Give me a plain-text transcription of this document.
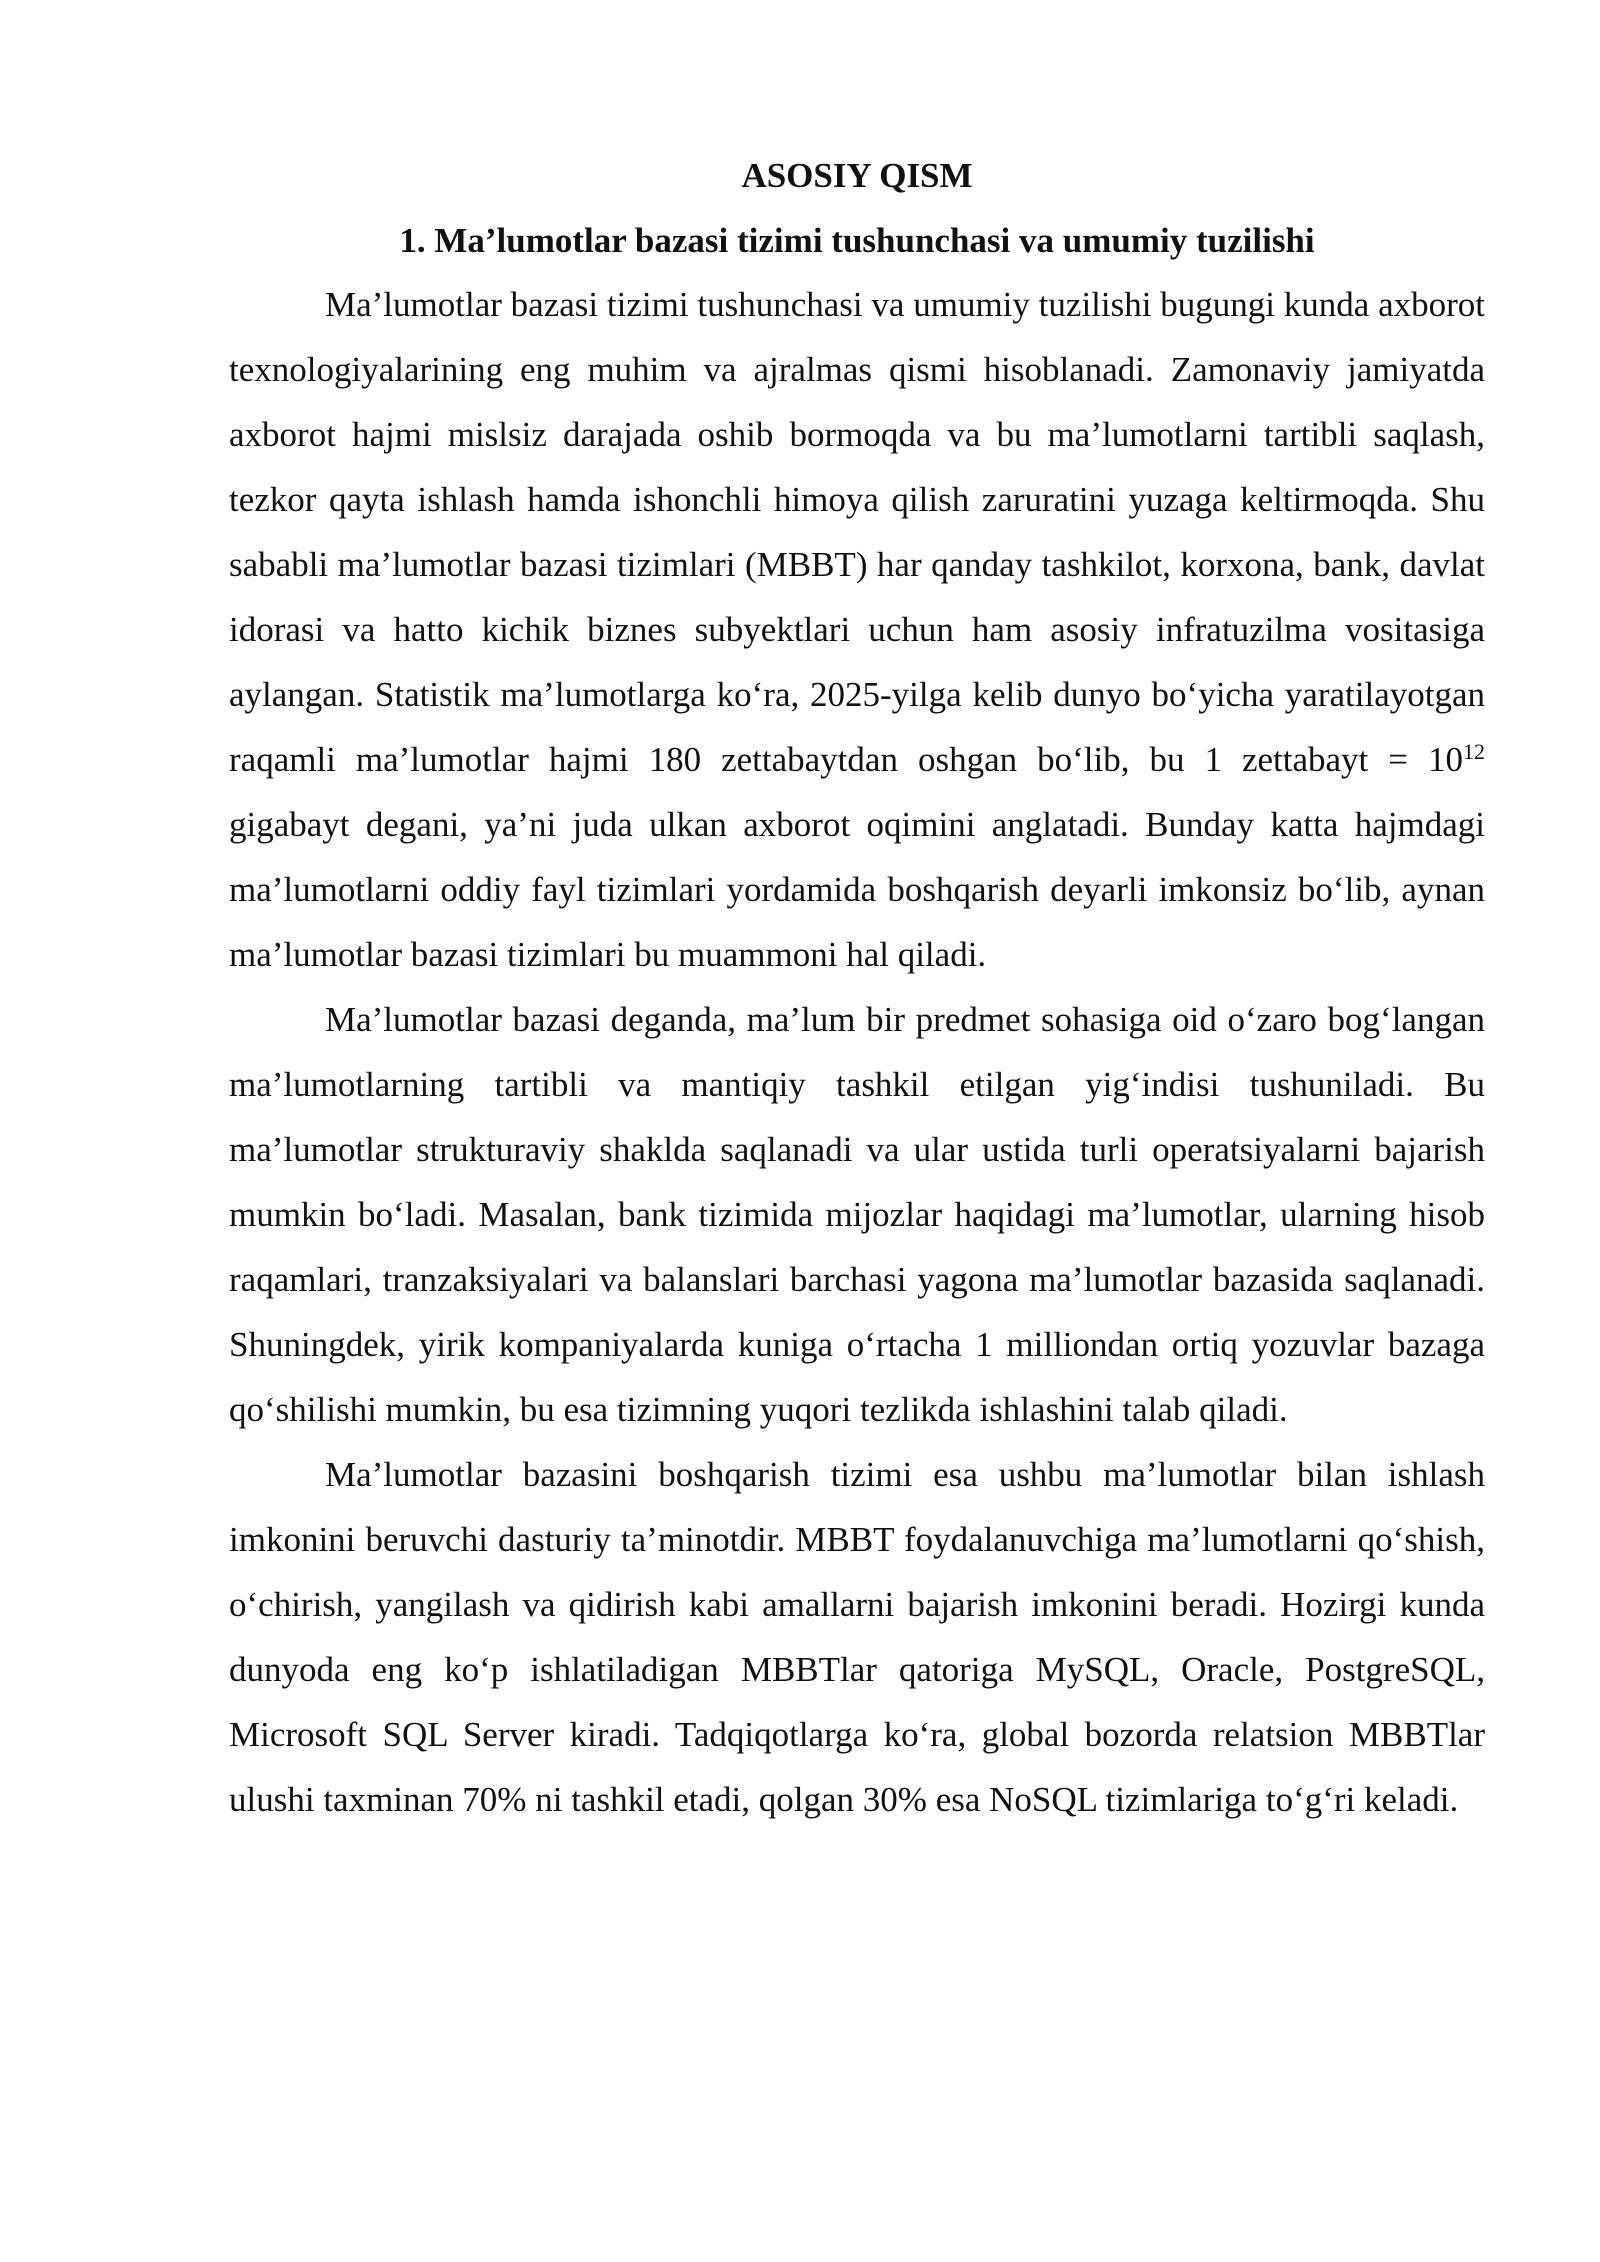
ASOSIY QISM
1. Ma’lumotlar bazasi tizimi tushunchasi va umumiy tuzilishi

Ma’lumotlar bazasi tizimi tushunchasi va umumiy tuzilishi bugungi kunda axborot texnologiyalarining eng muhim va ajralmas qismi hisoblanadi. Zamonaviy jamiyatda axborot hajmi mislsiz darajada oshib bormoqda va bu ma’lumotlarni tartibli saqlash, tezkor qayta ishlash hamda ishonchli himoya qilish zaruratini yuzaga keltirmoqda. Shu sababli ma’lumotlar bazasi tizimlari (MBBT) har qanday tashkilot, korxona, bank, davlat idorasi va hatto kichik biznes subyektlari uchun ham asosiy infratuzilma vositasiga aylangan. Statistik ma’lumotlarga ko‘ra, 2025-yilga kelib dunyo bo‘yicha yaratilayotgan raqamli ma’lumotlar hajmi 180 zettabaytdan oshgan bo‘lib, bu 1 zettabayt = $10^{12}$ gigabayt degani, ya’ni juda ulkan axborot oqimini anglatadi. Bunday katta hajmdagi ma’lumotlarni oddiy fayl tizimlari yordamida boshqarish deyarli imkonsiz bo‘lib, aynan ma’lumotlar bazasi tizimlari bu muammoni hal qiladi.

Ma’lumotlar bazasi deganda, ma’lum bir predmet sohasiga oid o‘zaro bog‘langan ma’lumotlarning tartibli va mantiqiy tashkil etilgan yig‘indisi tushuniladi. Bu ma’lumotlar strukturaviy shaklda saqlanadi va ular ustida turli operatsiyalarni bajarish mumkin bo‘ladi. Masalan, bank tizimida mijozlar haqidagi ma’lumotlar, ularning hisob raqamlari, tranzaksiyalari va balanslari barchasi yagona ma’lumotlar bazasida saqlanadi. Shuningdek, yirik kompaniyalarda kuniga o‘rtacha 1 milliondan ortiq yozuvlar bazaga qo‘shilishi mumkin, bu esa tizimning yuqori tezlikda ishlashini talab qiladi.

Ma’lumotlar bazasini boshqarish tizimi esa ushbu ma’lumotlar bilan ishlash imkonini beruvchi dasturiy ta’minotdir. MBBT foydalanuvchiga ma’lumotlarni qo‘shish, o‘chirish, yangilash va qidirish kabi amallarni bajarish imkonini beradi. Hozirgi kunda dunyoda eng ko‘p ishlatiladigan MBBTlar qatoriga MySQL, Oracle, PostgreSQL, Microsoft SQL Server kiradi. Tadqiqotlarga ko‘ra, global bozorda relatsion MBBTlar ulushi taxminan 70% ni tashkil etadi, qolgan 30% esa NoSQL tizimlariga to‘g‘ri keladi.
